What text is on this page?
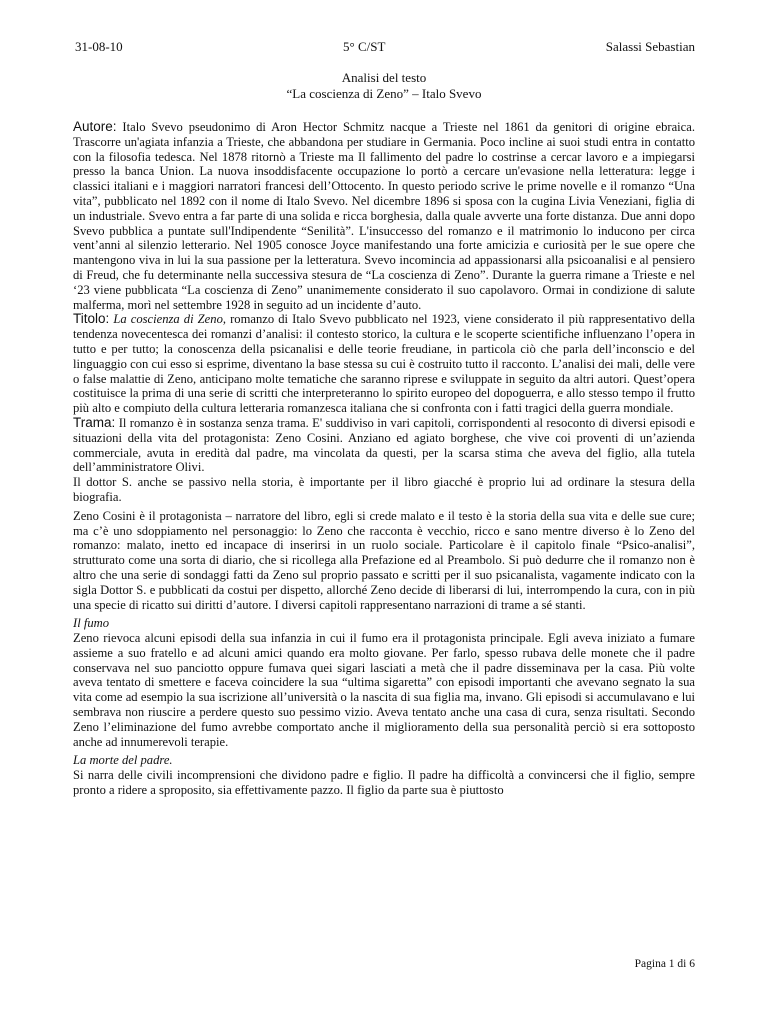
31-08-10	5° C/ST	Salassi Sebastian
Analisi del testo
“La coscienza di Zeno” – Italo Svevo

Autore: Italo Svevo pseudonimo di Aron Hector Schmitz nacque a Trieste nel 1861 da genitori di origine ebraica. Trascorre un'agiata infanzia a Trieste, che abbandona per studiare in Germania. Poco incline ai suoi studi entra in contatto con la filosofia tedesca. Nel 1878 ritornò a Trieste ma Il fallimento del padre lo costrinse a cercar lavoro e a impiegarsi presso la banca Union. La nuova insoddisfacente occupazione lo portò a cercare un'evasione nella letteratura: legge i classici italiani e i maggiori narratori francesi dell’Ottocento. In questo periodo scrive le prime novelle e il romanzo “Una vita”, pubblicato nel 1892 con il nome di Italo Svevo. Nel dicembre 1896 si sposa con la cugina Livia Veneziani, figlia di un industriale. Svevo entra a far parte di una solida e ricca borghesia, dalla quale avverte una forte distanza. Due anni dopo Svevo pubblica a puntate sull'Indipendente “Senilità”. L'insuccesso del romanzo e il matrimonio lo inducono per circa vent’anni al silenzio letterario. Nel 1905 conosce Joyce manifestando una forte amicizia e curiosità per le sue opere che mantengono viva in lui la sua passione per la letteratura. Svevo incomincia ad appassionarsi alla psicoanalisi e al pensiero di Freud, che fu determinante nella successiva stesura de “La coscienza di Zeno”. Durante la guerra rimane a Trieste e nel ‘23 viene pubblicata “La coscienza di Zeno” unanimemente considerato il suo capolavoro. Ormai in condizione di salute malferma, morì nel settembre 1928 in seguito ad un incidente d’auto.

Titolo: La coscienza di Zeno, romanzo di Italo Svevo pubblicato nel 1923, viene considerato il più rappresentativo della tendenza novecentesca dei romanzi d’analisi: il contesto storico, la cultura e le scoperte scientifiche influenzano l’opera in tutto e per tutto; la conoscenza della psicanalisi e delle teorie freudiane, in particola ciò che parla dell’inconscio e del linguaggio con cui esso si esprime, diventano la base stessa su cui è costruito tutto il racconto. L’analisi dei mali, delle vere o false malattie di Zeno, anticipano molte tematiche che saranno riprese e sviluppate in seguito da altri autori. Quest’opera costituisce la prima di una serie di scritti che interpreteranno lo spirito europeo del dopoguerra, e allo stesso tempo il frutto più alto e compiuto della cultura letteraria romanzesca italiana che si confronta con i fatti tragici della guerra mondiale.

Trama: Il romanzo è in sostanza senza trama. E' suddiviso in vari capitoli, corrispondenti al resoconto di diversi episodi e situazioni della vita del protagonista: Zeno Cosini. Anziano ed agiato borghese, che vive coi proventi di un’azienda commerciale, avuta in eredità dal padre, ma vincolata da questi, per la scarsa stima che aveva del figlio, alla tutela dell’amministratore Olivi.

Il dottor S. anche se passivo nella storia, è importante per il libro giacché è proprio lui ad ordinare la stesura della biografia.

Zeno Cosini è il protagonista – narratore del libro, egli si crede malato e il testo è la storia della sua vita e delle sue cure; ma c’è uno sdoppiamento nel personaggio: lo Zeno che racconta è vecchio, ricco e sano mentre diverso è lo Zeno del romanzo: malato, inetto ed incapace di inserirsi in un ruolo sociale. Particolare è il capitolo finale “Psico-analisi”, strutturato come una sorta di diario, che si ricollega alla Prefazione ed al Preambolo. Si può dedurre che il romanzo non è altro che una serie di sondaggi fatti da Zeno sul proprio passato e scritti per il suo psicanalista, vagamente indicato con la sigla Dottor S. e pubblicati da costui per dispetto, allorché Zeno decide di liberarsi di lui, interrompendo la cura, con in più una specie di ricatto sui diritti d’autore. I diversi capitoli rappresentano narrazioni di trame a sé stanti.

Il fumo

Zeno rievoca alcuni episodi della sua infanzia in cui il fumo era il protagonista principale. Egli aveva iniziato a fumare assieme a suo fratello e ad alcuni amici quando era molto giovane. Per farlo, spesso rubava delle monete che il padre conservava nel suo panciotto oppure fumava quei sigari lasciati a metà che il padre disseminava per la casa. Più volte aveva tentato di smettere e faceva coincidere la sua “ultima sigaretta” con episodi importanti che avevano segnato la sua vita come ad esempio la sua iscrizione all’università o la nascita di sua figlia ma, invano. Gli episodi si accumulavano e lui sembrava non riuscire a perdere questo suo pessimo vizio. Aveva tentato anche una casa di cura, senza risultati. Secondo Zeno l’eliminazione del fumo avrebbe comportato anche il miglioramento della sua personalità perciò si era sottoposto anche ad innumerevoli terapie.

La morte del padre.

Si narra delle civili incomprensioni che dividono padre e figlio. Il padre ha difficoltà a convincersi che il figlio, sempre pronto a ridere a sproposito, sia effettivamente pazzo. Il figlio da parte sua è piuttosto

Pagina 1 di 6
